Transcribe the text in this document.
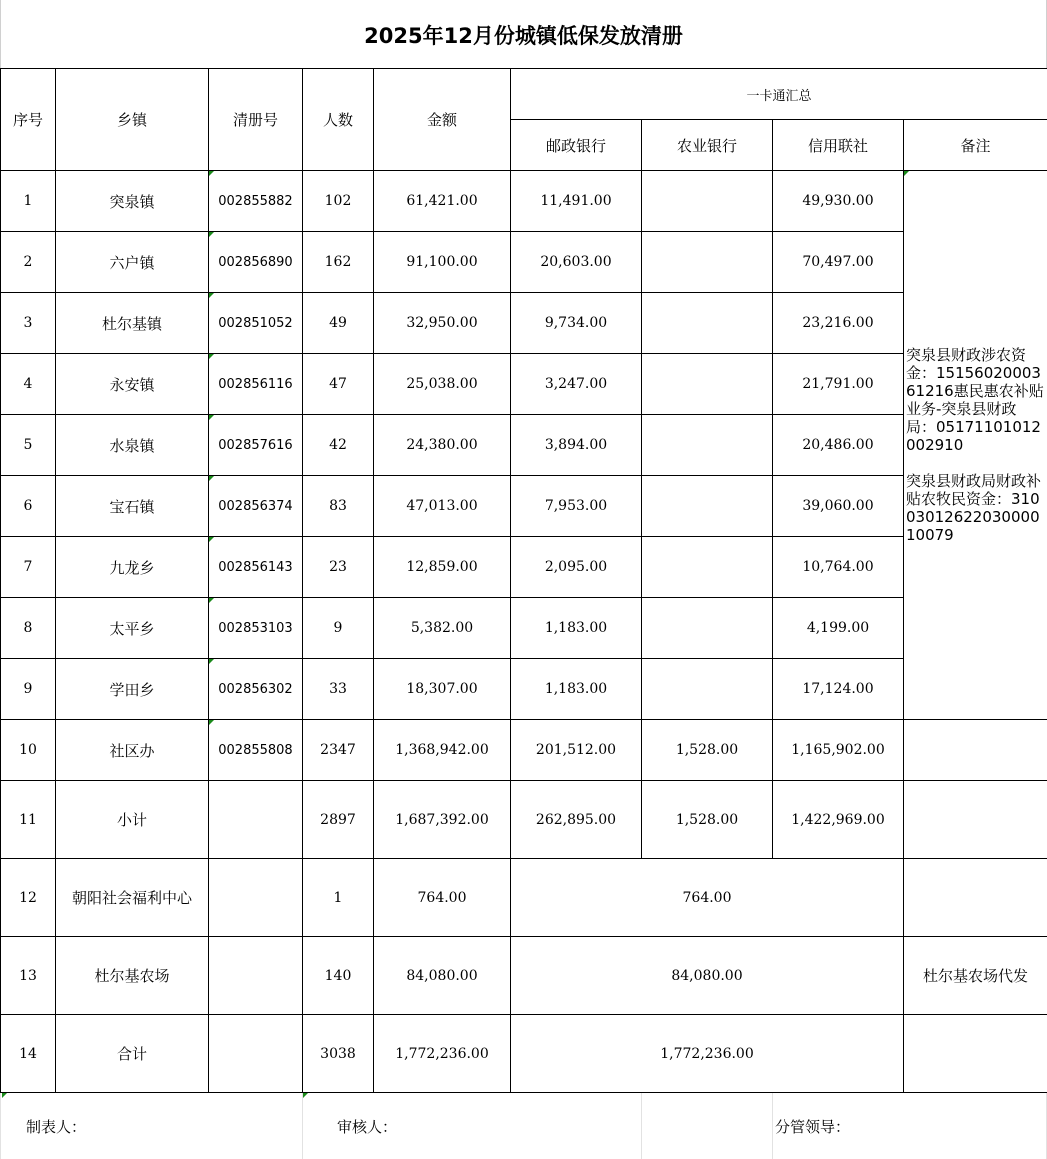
2025年12月份城镇低保发放清册
序号	乡镇	清册号	人数	金额	一卡通汇总			
					邮政银行	农业银行	信用联社	备注
1	突泉镇	002855882	102	61,421.00	11,491.00		49,930.00	突泉县财政涉农资金：1515602000361216惠民惠农补贴业务-突泉县财政局：05171101012002910

突泉县财政局财政补贴农牧民资金：3100301262203000010079

2	六户镇	002856890	162	91,100.00	20,603.00		70,497.00	
3	杜尔基镇	002851052	49	32,950.00	9,734.00		23,216.00	
4	永安镇	002856116	47	25,038.00	3,247.00		21,791.00	
5	水泉镇	002857616	42	24,380.00	3,894.00		20,486.00	
6	宝石镇	002856374	83	47,013.00	7,953.00		39,060.00	
7	九龙乡	002856143	23	12,859.00	2,095.00		10,764.00	
8	太平乡	002853103	9	5,382.00	1,183.00		4,199.00	
9	学田乡	002856302	33	18,307.00	1,183.00		17,124.00	
10	社区办	002855808	2347	1,368,942.00	201,512.00	1,528.00	1,165,902.00	
11	小计		2897	1,687,392.00	262,895.00	1,528.00	1,422,969.00	
12	朝阳社会福利中心		1	764.00	764.00			
13	杜尔基农场		140	84,080.00	84,080.00			杜尔基农场代发
14	合计		3038	1,772,236.00	1,772,236.00			
制表人：	审核人：	分管领导：
